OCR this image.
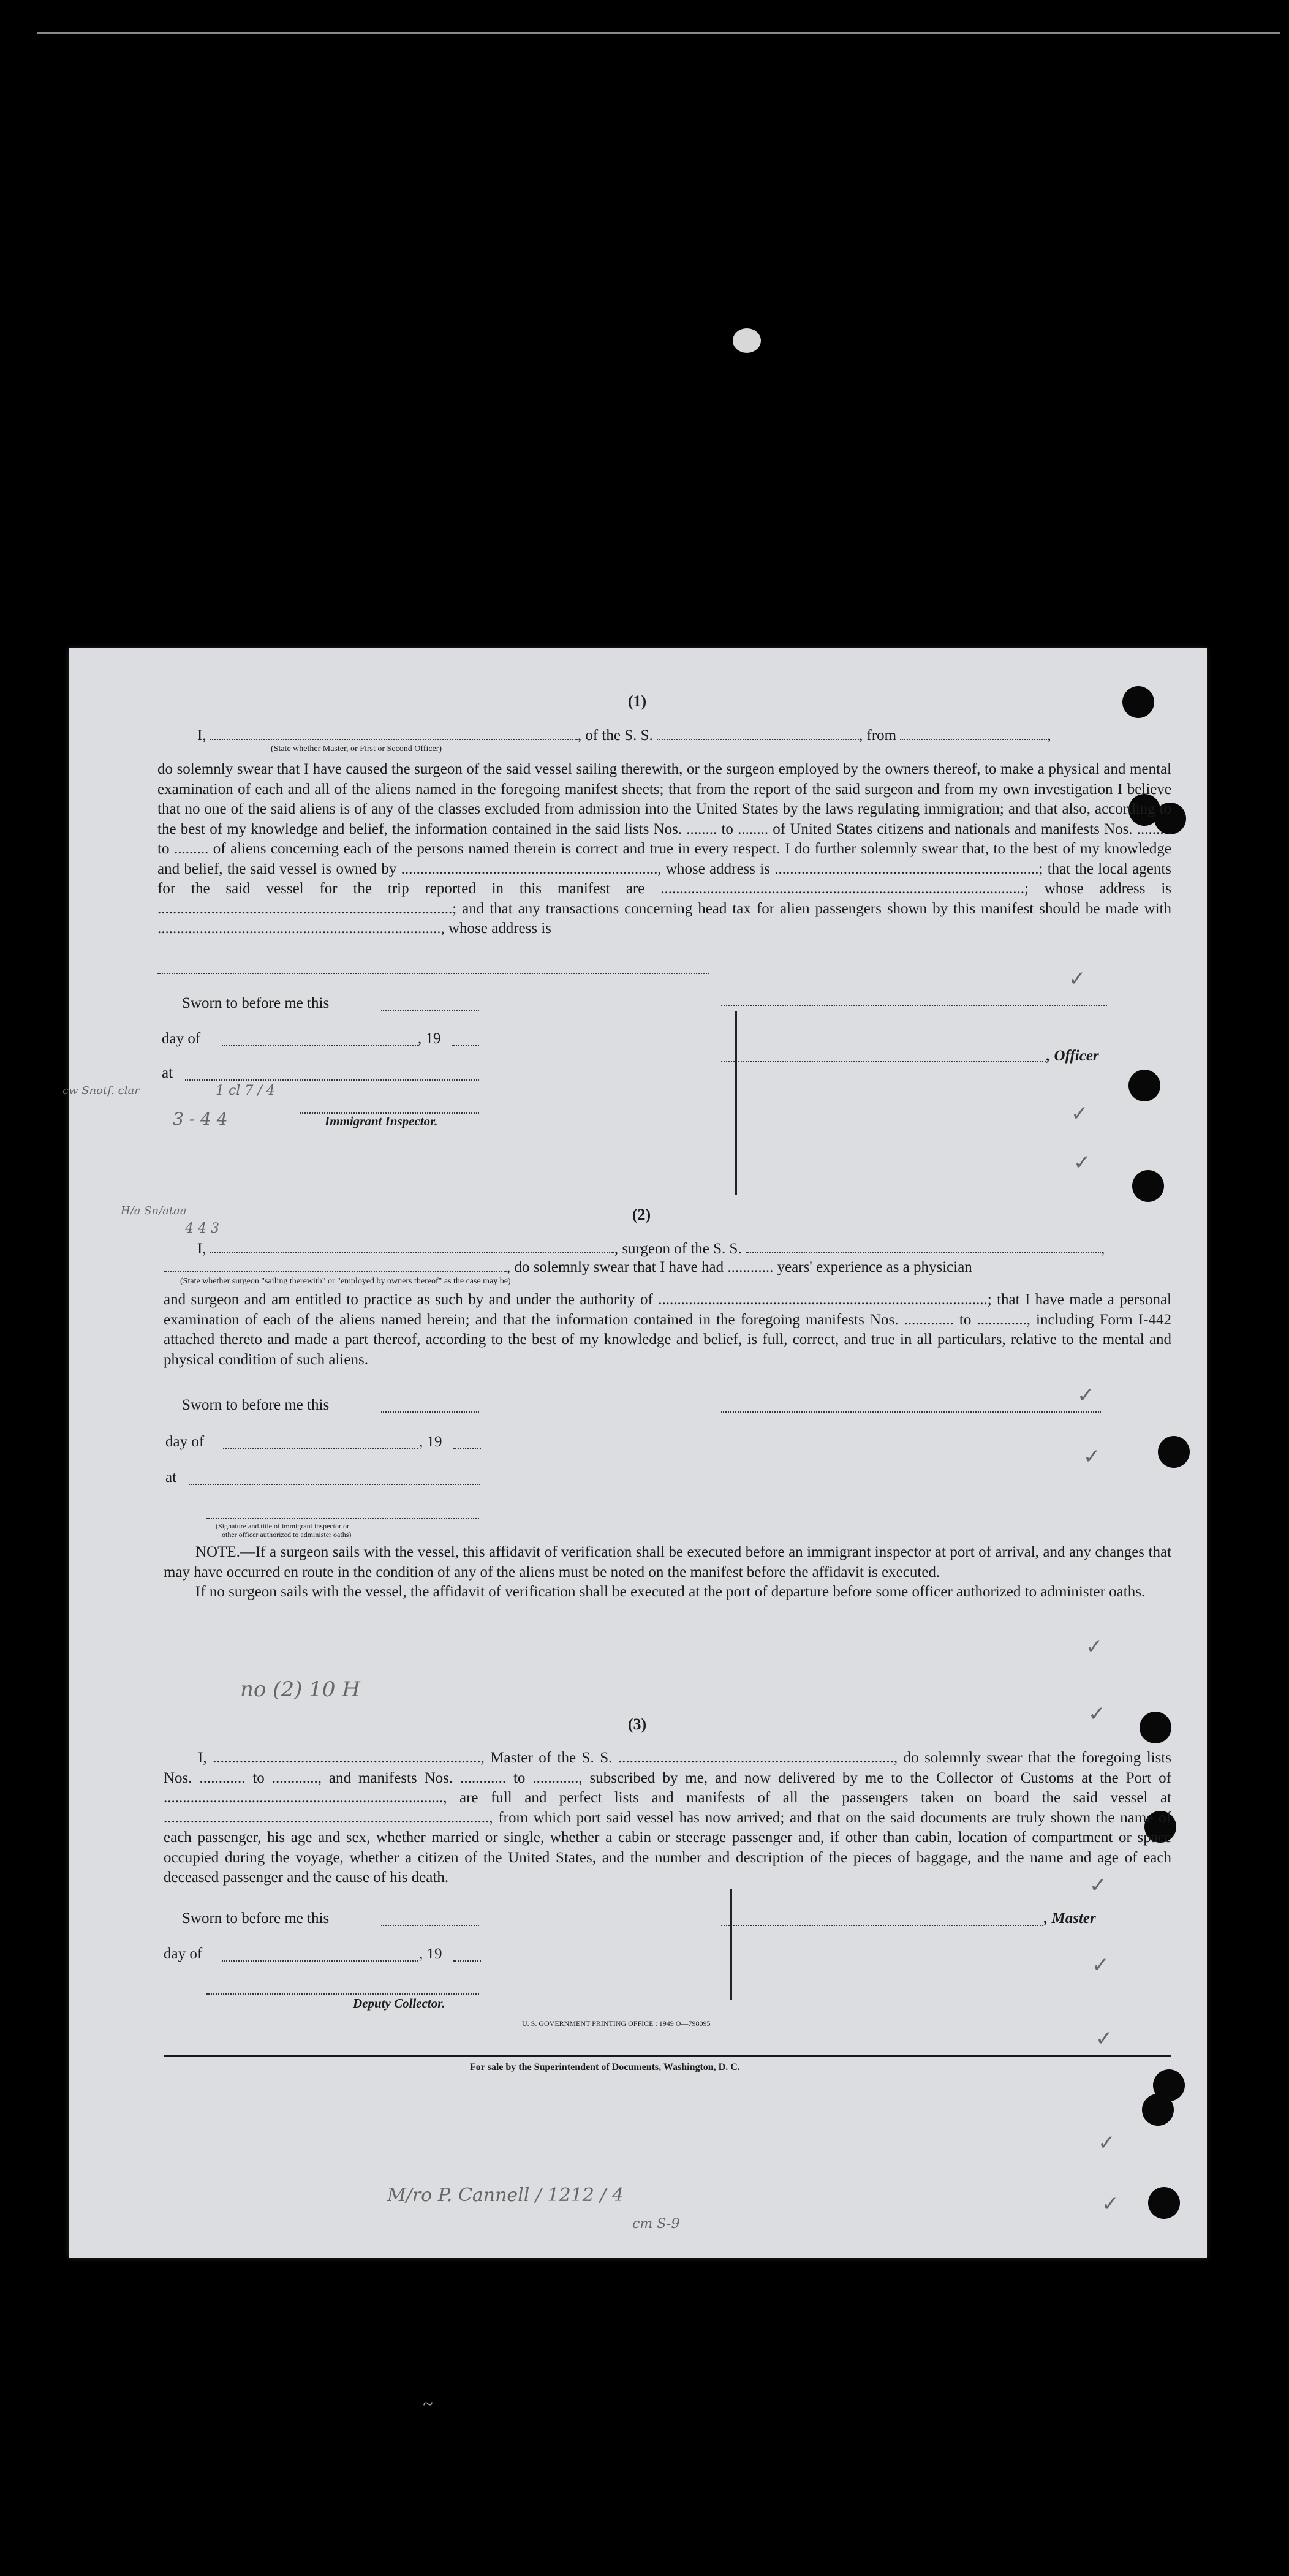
(1)
I,	, of the S. S.	, from	,
(State whether Master, or First or Second Officer)

do solemnly swear that I have caused the surgeon of the said vessel sailing therewith, or the surgeon employed by the owners thereof, to make a physical and mental examination of each and all of the aliens named in the foregoing manifest sheets; that from the report of the said surgeon and from my own investigation I believe that no one of the said aliens is of any of the classes excluded from admission into the United States by the laws regulating immigration; and that also, according to the best of my knowledge and belief, the information contained in the said lists Nos. ........ to ........ of United States citizens and nationals and manifests Nos. ......... to ......... of aliens concerning each of the persons named therein is correct and true in every respect. I do further solemnly swear that, to the best of my knowledge and belief, the said vessel is owned by ..................................................................., whose address is .....................................................................; that the local agents for the said vessel for the trip reported in this manifest are ...............................................................................................; whose address is .............................................................................; and that any transactions concerning head tax for alien passengers shown by this manifest should be made with .........................................................................., whose address is

Sworn to before me this
day of	, 19
at
Immigrant Inspector.
, Officer
(2)
I,	, surgeon of the S. S.	,
, do solemnly swear that I have had ............ years' experience as a physician
(State whether surgeon "sailing therewith" or "employed by owners thereof" as the case may be)

and surgeon and am entitled to practice as such by and under the authority of ......................................................................................; that I have made a personal examination of each of the aliens named herein; and that the information contained in the foregoing manifests Nos. ............. to ............., including Form I-442 attached thereto and made a part thereof, according to the best of my knowledge and belief, is full, correct, and true in all particulars, relative to the mental and physical condition of such aliens.

Sworn to before me this
day of	, 19
at
(Signature and title of immigrant inspector or
other officer authorized to administer oaths)

NOTE.—If a surgeon sails with the vessel, this affidavit of verification shall be executed before an immigrant inspector at port of arrival, and any changes that may have occurred en route in the condition of any of the aliens must be noted on the manifest before the affidavit is executed.

If no surgeon sails with the vessel, the affidavit of verification shall be executed at the port of departure before some officer authorized to administer oaths.

(3)

I, ......................................................................, Master of the S. S. ........................................................................, do solemnly swear that the foregoing lists Nos. ............ to ............, and manifests Nos. ............ to ............, subscribed by me, and now delivered by me to the Collector of Customs at the Port of ........................................................................., are full and perfect lists and manifests of all the passengers taken on board the said vessel at ....................................................................................., from which port said vessel has now arrived; and that on the said documents are truly shown the name of each passenger, his age and sex, whether married or single, whether a cabin or steerage passenger and, if other than cabin, location of compartment or space occupied during the voyage, whether a citizen of the United States, and the number and description of the pieces of baggage, and the name and age of each deceased passenger and the cause of his death.

Sworn to before me this	, Master
day of	, 19
Deputy Collector.
U. S. GOVERNMENT PRINTING OFFICE : 1949 O—798095
For sale by the Superintendent of Documents, Washington, D. C.
cw Snotf. clar
3 - 4 4
1 cl 7 / 4
H/a Sn/ataa
4 4 3
no (2) 10 H
M/ro P. Cannell / 1212 / 4
cm S-9
✓
✓
✓
✓
✓
✓
✓
✓
✓
✓
✓
✓
~
